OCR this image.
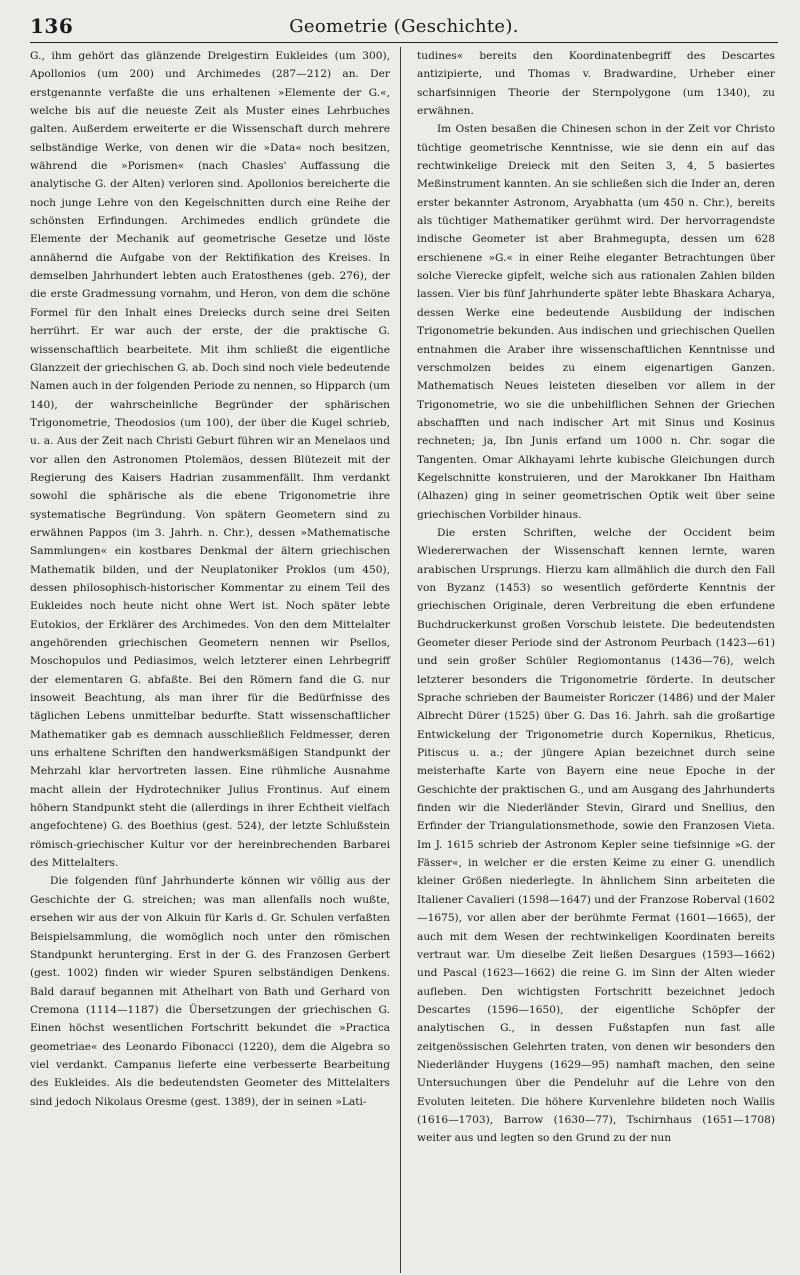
136	Geometrie (Geschichte).

G., ihm gehört das glänzende Dreigestirn Eukleides (um 300), Apollonios (um 200) und Archimedes (287—212) an. Der erstgenannte verfaßte die uns erhaltenen »Elemente der G.«, welche bis auf die neueste Zeit als Muster eines Lehrbuches galten. Außerdem erweiterte er die Wissenschaft durch mehrere selbständige Werke, von denen wir die »Data« noch besitzen, während die »Porismen« (nach Chasles' Auffassung die analytische G. der Alten) verloren sind. Apollonios bereicherte die noch junge Lehre von den Kegelschnitten durch eine Reihe der schönsten Erfindungen. Archimedes endlich gründete die Elemente der Mechanik auf geometrische Gesetze und löste annähernd die Aufgabe von der Rektifikation des Kreises. In demselben Jahrhundert lebten auch Eratosthenes (geb. 276), der die erste Gradmessung vornahm, und Heron, von dem die schöne Formel für den Inhalt eines Dreiecks durch seine drei Seiten herrührt. Er war auch der erste, der die praktische G. wissenschaftlich bearbeitete. Mit ihm schließt die eigentliche Glanzzeit der griechischen G. ab. Doch sind noch viele bedeutende Namen auch in der folgenden Periode zu nennen, so Hipparch (um 140), der wahrscheinliche Begründer der sphärischen Trigonometrie, Theodosios (um 100), der über die Kugel schrieb, u. a. Aus der Zeit nach Christi Geburt führen wir an Menelaos und vor allen den Astronomen Ptolemäos, dessen Blütezeit mit der Regierung des Kaisers Hadrian zusammenfällt. Ihm verdankt sowohl die sphärische als die ebene Trigonometrie ihre systematische Begründung. Von spätern Geometern sind zu erwähnen Pappos (im 3. Jahrh. n. Chr.), dessen »Mathematische Sammlungen« ein kostbares Denkmal der ältern griechischen Mathematik bilden, und der Neuplatoniker Proklos (um 450), dessen philosophisch-historischer Kommentar zu einem Teil des Eukleides noch heute nicht ohne Wert ist. Noch später lebte Eutokios, der Erklärer des Archimedes. Von den dem Mittelalter angehörenden griechischen Geometern nennen wir Psellos, Moschopulos und Pediasimos, welch letzterer einen Lehrbegriff der elementaren G. abfaßte. Bei den Römern fand die G. nur insoweit Beachtung, als man ihrer für die Bedürfnisse des täglichen Lebens unmittelbar bedurfte. Statt wissenschaftlicher Mathematiker gab es demnach ausschließlich Feldmesser, deren uns erhaltene Schriften den handwerksmäßigen Standpunkt der Mehrzahl klar hervortreten lassen. Eine rühmliche Ausnahme macht allein der Hydrotechniker Julius Frontinus. Auf einem höhern Standpunkt steht die (allerdings in ihrer Echtheit vielfach angefochtene) G. des Boethius (gest. 524), der letzte Schlußstein römisch-griechischer Kultur vor der hereinbrechenden Barbarei des Mittelalters.

Die folgenden fünf Jahrhunderte können wir völlig aus der Geschichte der G. streichen; was man allenfalls noch wußte, ersehen wir aus der von Alkuin für Karls d. Gr. Schulen verfaßten Beispielsammlung, die womöglich noch unter den römischen Standpunkt herunterging. Erst in der G. des Franzosen Gerbert (gest. 1002) finden wir wieder Spuren selbständigen Denkens. Bald darauf begannen mit Athelhart von Bath und Gerhard von Cremona (1114—1187) die Übersetzungen der griechischen G. Einen höchst wesentlichen Fortschritt bekundet die »Practica geometriae« des Leonardo Fibonacci (1220), dem die Algebra so viel verdankt. Campanus lieferte eine verbesserte Bearbeitung des Eukleides. Als die bedeutendsten Geometer des Mittelalters sind jedoch Nikolaus Oresme (gest. 1389), der in seinen »Lati-

tudines« bereits den Koordinatenbegriff des Descartes antizipierte, und Thomas v. Bradwardine, Urheber einer scharfsinnigen Theorie der Sternpolygone (um 1340), zu erwähnen.

Im Osten besaßen die Chinesen schon in der Zeit vor Christo tüchtige geometrische Kenntnisse, wie sie denn ein auf das rechtwinkelige Dreieck mit den Seiten 3, 4, 5 basiertes Meßinstrument kannten. An sie schließen sich die Inder an, deren erster bekannter Astronom, Aryabhatta (um 450 n. Chr.), bereits als tüchtiger Mathematiker gerühmt wird. Der hervorragendste indische Geometer ist aber Brahmegupta, dessen um 628 erschienene »G.« in einer Reihe eleganter Betrachtungen über solche Vierecke gipfelt, welche sich aus rationalen Zahlen bilden lassen. Vier bis fünf Jahrhunderte später lebte Bhaskara Acharya, dessen Werke eine bedeutende Ausbildung der indischen Trigonometrie bekunden. Aus indischen und griechischen Quellen entnahmen die Araber ihre wissenschaftlichen Kenntnisse und verschmolzen beides zu einem eigenartigen Ganzen. Mathematisch Neues leisteten dieselben vor allem in der Trigonometrie, wo sie die unbehilflichen Sehnen der Griechen abschafften und nach indischer Art mit Sinus und Kosinus rechneten; ja, Ibn Junis erfand um 1000 n. Chr. sogar die Tangenten. Omar Alkhayami lehrte kubische Gleichungen durch Kegelschnitte konstruieren, und der Marokkaner Ibn Haitham (Alhazen) ging in seiner geometrischen Optik weit über seine griechischen Vorbilder hinaus.

Die ersten Schriften, welche der Occident beim Wiedererwachen der Wissenschaft kennen lernte, waren arabischen Ursprungs. Hierzu kam allmählich die durch den Fall von Byzanz (1453) so wesentlich geförderte Kenntnis der griechischen Originale, deren Verbreitung die eben erfundene Buchdruckerkunst großen Vorschub leistete. Die bedeutendsten Geometer dieser Periode sind der Astronom Peurbach (1423—61) und sein großer Schüler Regiomontanus (1436—76), welch letzterer besonders die Trigonometrie förderte. In deutscher Sprache schrieben der Baumeister Roriczer (1486) und der Maler Albrecht Dürer (1525) über G. Das 16. Jahrh. sah die großartige Entwickelung der Trigonometrie durch Kopernikus, Rheticus, Pitiscus u. a.; der jüngere Apian bezeichnet durch seine meisterhafte Karte von Bayern eine neue Epoche in der Geschichte der praktischen G., und am Ausgang des Jahrhunderts finden wir die Niederländer Stevin, Girard und Snellius, den Erfinder der Triangulationsmethode, sowie den Franzosen Vieta. Im J. 1615 schrieb der Astronom Kepler seine tiefsinnige »G. der Fässer«, in welcher er die ersten Keime zu einer G. unendlich kleiner Größen niederlegte. In ähnlichem Sinn arbeiteten die Italiener Cavalieri (1598—1647) und der Franzose Roberval (1602—1675), vor allen aber der berühmte Fermat (1601—1665), der auch mit dem Wesen der rechtwinkeligen Koordinaten bereits vertraut war. Um dieselbe Zeit ließen Desargues (1593—1662) und Pascal (1623—1662) die reine G. im Sinn der Alten wieder aufleben. Den wichtigsten Fortschritt bezeichnet jedoch Descartes (1596—1650), der eigentliche Schöpfer der analytischen G., in dessen Fußstapfen nun fast alle zeitgenössischen Gelehrten traten, von denen wir besonders den Niederländer Huygens (1629—95) namhaft machen, den seine Untersuchungen über die Pendeluhr auf die Lehre von den Evoluten leiteten. Die höhere Kurvenlehre bildeten noch Wallis (1616—1703), Barrow (1630—77), Tschirnhaus (1651—1708) weiter aus und legten so den Grund zu der nun
